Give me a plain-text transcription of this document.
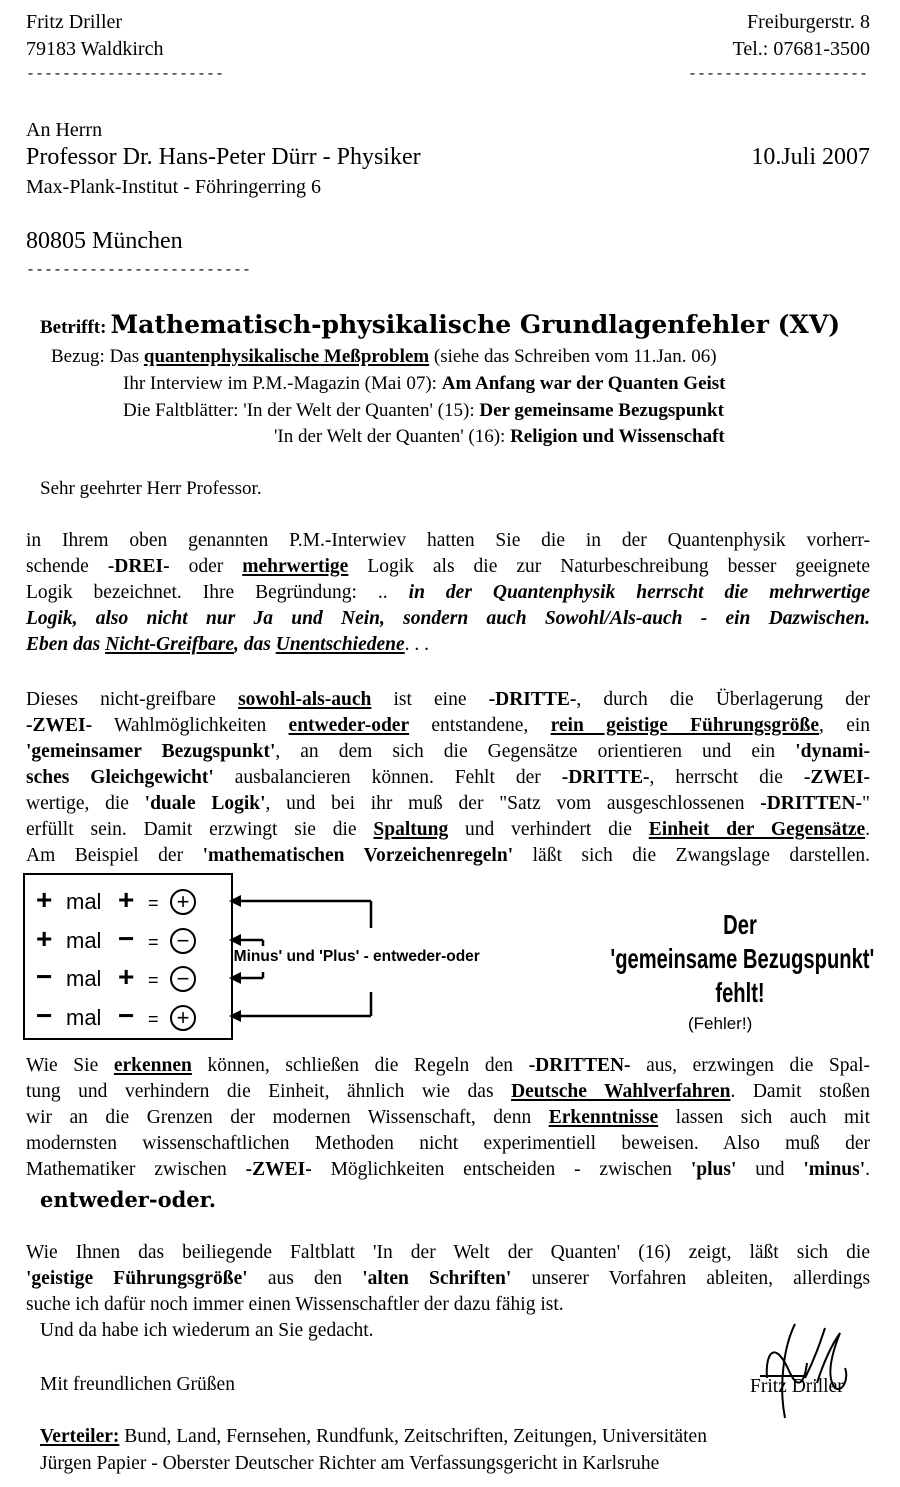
Fritz Driller
79183 Waldkirch
----------------------
Freiburgerstr. 8
Tel.: 07681-3500
--------------------
An Herrn
Professor Dr. Hans-Peter Dürr - Physiker
Max-Plank-Institut - Föhringerring 6
80805 München
-------------------------
10.Juli 2007
Betrifft: Mathematisch-physikalische Grundlagenfehler (XV)
Bezug: Das quantenphysikalische Meßproblem (siehe das Schreiben vom 11.Jan. 06)
Ihr Interview im P.M.-Magazin (Mai 07): Am Anfang war der Quanten Geist
Die Faltblätter: 'In der Welt der Quanten' (15): Der gemeinsame Bezugspunkt
'In der Welt der Quanten' (16): Religion und Wissenschaft
Sehr geehrter Herr Professor.
in Ihrem oben genannten P.M.-Interwiev hatten Sie die in der Quantenphysik vorherr-
schende -DREI- oder mehrwertige Logik als die zur Naturbeschreibung besser geeignete
Logik bezeichnet. Ihre Begründung: .. in der Quantenphysik herrscht die mehrwertige
Logik, also nicht nur Ja und Nein, sondern auch Sowohl/Als-auch - ein Dazwischen.
Eben das Nicht-Greifbare, das Unentschiedene. . .
Dieses nicht-greifbare sowohl-als-auch ist eine -DRITTE-, durch die Überlagerung der
-ZWEI- Wahlmöglichkeiten entweder-oder entstandene, rein geistige Führungsgröße, ein
'gemeinsamer Bezugspunkt', an dem sich die Gegensätze orientieren und ein 'dynami-
sches Gleichgewicht' ausbalancieren können. Fehlt der -DRITTE-, herrscht die -ZWEI-
wertige, die 'duale Logik', und bei ihr muß der "Satz vom ausgeschlossenen -DRITTEN-"
erfüllt sein. Damit erzwingt sie die Spaltung und verhindert die Einheit der Gegensätze.
Am Beispiel der 'mathematischen Vorzeichenregeln' läßt sich die Zwangslage darstellen.
+ mal + = +
+ mal − = −
− mal + = −
− mal − = +
'Minus' und 'Plus' - entweder-oder
Der
'gemeinsame Bezugspunkt'
fehlt!
(Fehler!)
Wie Sie erkennen können, schließen die Regeln den -DRITTEN- aus, erzwingen die Spal-
tung und verhindern die Einheit, ähnlich wie das Deutsche Wahlverfahren. Damit stoßen
wir an die Grenzen der modernen Wissenschaft, denn Erkenntnisse lassen sich auch mit
modernsten wissenschaftlichen Methoden nicht experimentiell beweisen. Also muß der
Mathematiker zwischen -ZWEI- Möglichkeiten entscheiden - zwischen 'plus' und 'minus'.
entweder-oder.
Wie Ihnen das beiliegende Faltblatt 'In der Welt der Quanten' (16) zeigt, läßt sich die
'geistige Führungsgröße' aus den 'alten Schriften' unserer Vorfahren ableiten, allerdings
suche ich dafür noch immer einen Wissenschaftler der dazu fähig ist.
Und da habe ich wiederum an Sie gedacht.
Mit freundlichen Grüßen	Fritz Driller
Verteiler: Bund, Land, Fernsehen, Rundfunk, Zeitschriften, Zeitungen, Universitäten
Jürgen Papier - Oberster Deutscher Richter am Verfassungsgericht in Karlsruhe
